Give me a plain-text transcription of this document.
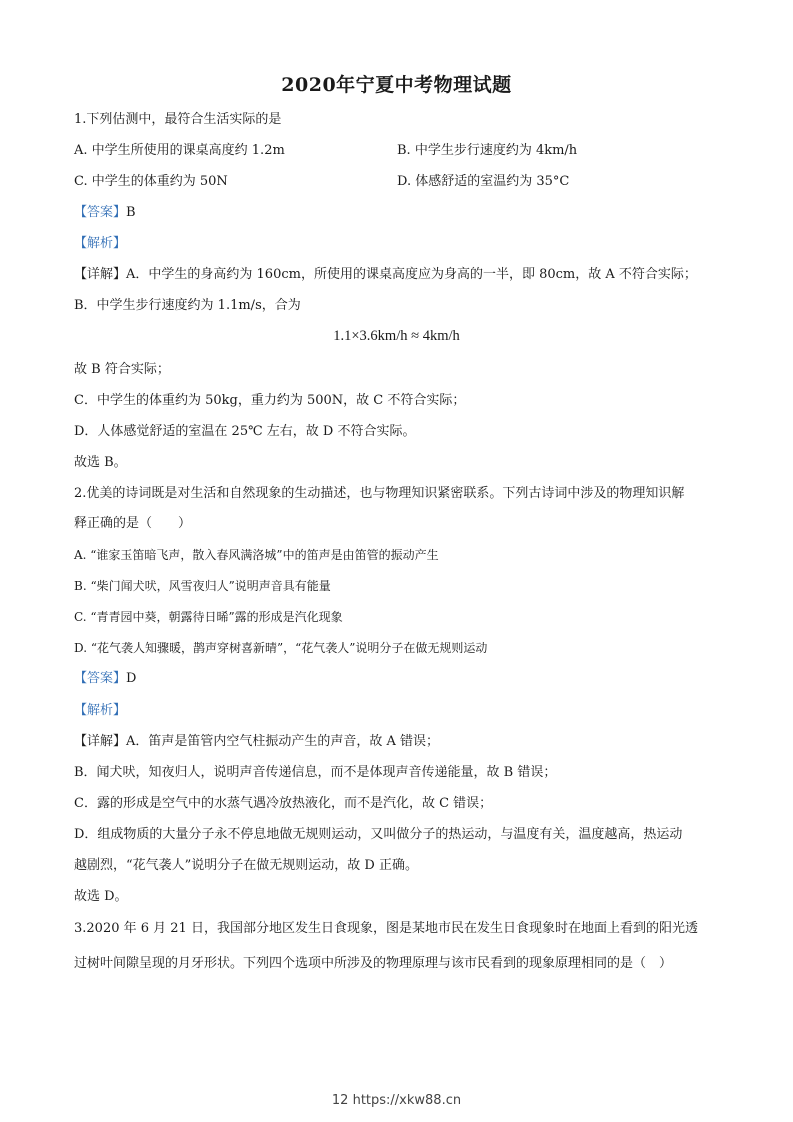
2020年宁夏中考物理试题
1.下列估测中，最符合生活实际的是
A. 中学生所使用的课桌高度约 1.2m	B. 中学生步行速度约为 4km/h
C. 中学生的体重约为 50N	D. 体感舒适的室温约为 35°C
【答案】B
【解析】
【详解】A．中学生的身高约为 160cm，所使用的课桌高度应为身高的一半，即 80cm，故 A 不符合实际；
B．中学生步行速度约为 1.1m/s，合为
1.1×3.6km/h ≈ 4km/h
故 B 符合实际；
C．中学生的体重约为 50kg，重力约为 500N，故 C 不符合实际；
D．人体感觉舒适的室温在 25℃ 左右，故 D 不符合实际。
故选 B。
2.优美的诗词既是对生活和自然现象的生动描述，也与物理知识紧密联系。下列古诗词中涉及的物理知识解
释正确的是（　　）
A. “谁家玉笛暗飞声，散入春风满洛城”中的笛声是由笛管的振动产生
B. “柴门闻犬吠，风雪夜归人”说明声音具有能量
C. “青青园中葵，朝露待日晞”露的形成是汽化现象
D. “花气袭人知骤暖，鹊声穿树喜新晴”，“花气袭人”说明分子在做无规则运动
【答案】D
【解析】
【详解】A．笛声是笛管内空气柱振动产生的声音，故 A 错误；
B．闻犬吠，知夜归人，说明声音传递信息，而不是体现声音传递能量，故 B 错误；
C．露的形成是空气中的水蒸气遇冷放热液化，而不是汽化，故 C 错误；
D．组成物质的大量分子永不停息地做无规则运动，又叫做分子的热运动，与温度有关，温度越高，热运动
越剧烈，“花气袭人”说明分子在做无规则运动，故 D 正确。
故选 D。
3.2020 年 6 月 21 日，我国部分地区发生日食现象，图是某地市民在发生日食现象时在地面上看到的阳光透
过树叶间隙呈现的月牙形状。下列四个选项中所涉及的物理原理与该市民看到的现象原理相同的是（　）
12 https://xkw88.cn
